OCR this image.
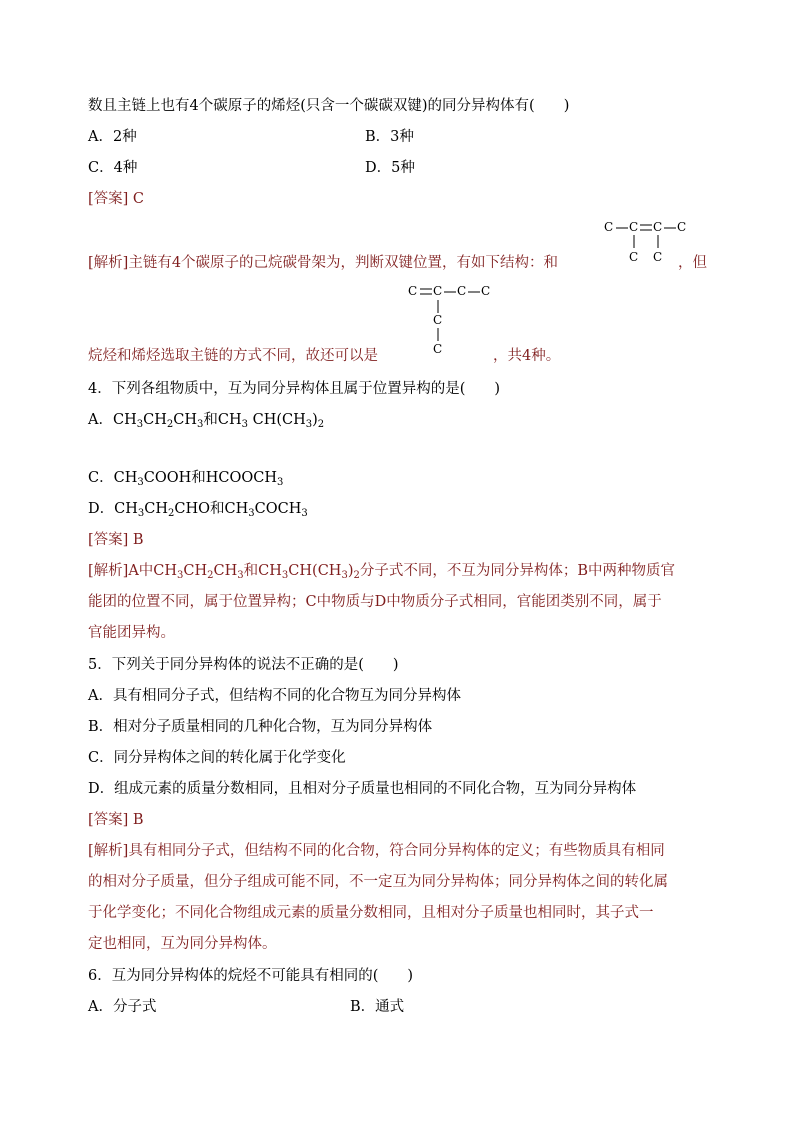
数且主链上也有4个碳原子的烯烃(只含一个碳碳双键)的同分异构体有(　　)
A．2种	B．3种
C．4种	D．5种
[答案] C
C C C C
C C
[解析]主链有4个碳原子的己烷碳骨架为，判断双键位置，有如下结构：和	，但
C C C C
C
C
烷烃和烯烃选取主链的方式不同，故还可以是	，共4种。
4．下列各组物质中，互为同分异构体且属于位置异构的是(　　)
A．$CH_3CH_2CH_3$和$CH_3$ $CH(CH_3)_2$
C．$CH_3COOH$和$HCOOCH_3$
D．$CH_3CH_2CHO$和$CH_3COCH_3$
[答案] B
[解析]A中$CH_3CH_2CH_3$和$CH_3CH(CH_3)_2$分子式不同，不互为同分异构体；B中两种物质官
能团的位置不同，属于位置异构；C中物质与D中物质分子式相同，官能团类别不同，属于
官能团异构。
5．下列关于同分异构体的说法不正确的是(　　)
A．具有相同分子式，但结构不同的化合物互为同分异构体
B．相对分子质量相同的几种化合物，互为同分异构体
C．同分异构体之间的转化属于化学变化
D．组成元素的质量分数相同，且相对分子质量也相同的不同化合物，互为同分异构体
[答案] B
[解析]具有相同分子式，但结构不同的化合物，符合同分异构体的定义；有些物质具有相同
的相对分子质量，但分子组成可能不同，不一定互为同分异构体；同分异构体之间的转化属
于化学变化；不同化合物组成元素的质量分数相同，且相对分子质量也相同时，其子式一
定也相同，互为同分异构体。
6．互为同分异构体的烷烃不可能具有相同的(　　)
A．分子式	B．通式
